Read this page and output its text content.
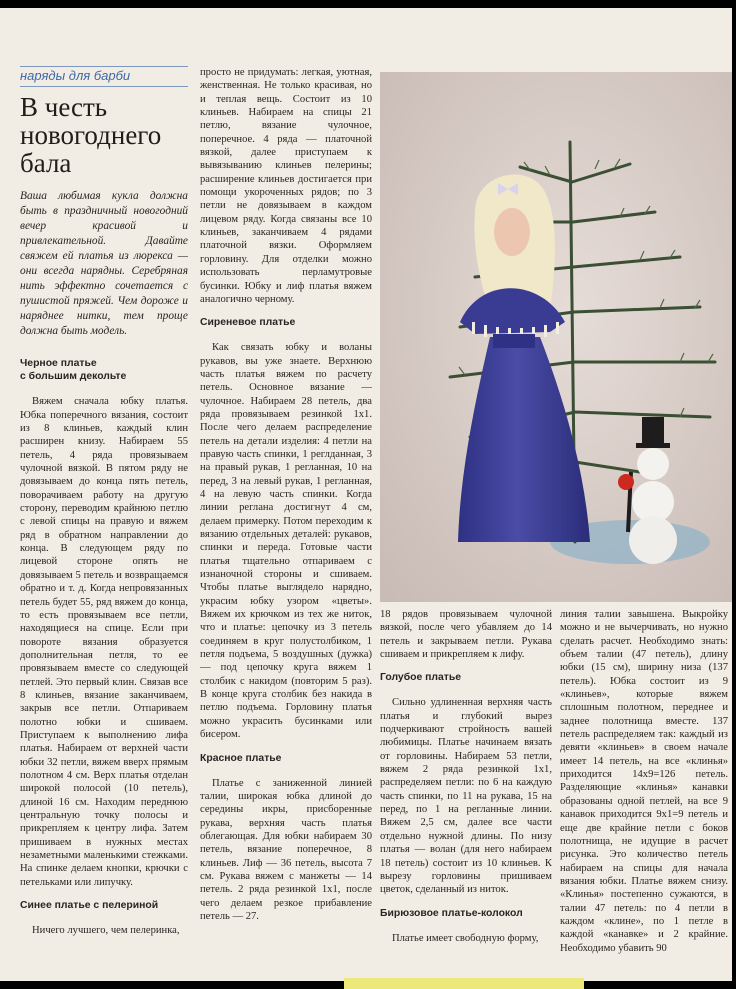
наряды для барби
В честь
новогоднего
бала

Ваша любимая кукла должна быть в праздничный новогодний вечер красивой и привлекательной. Давайте свяжем ей платья из люрекса — они всегда нарядны. Серебряная нить эффектно сочетается с пушистой пряжей. Чем дороже и наряднее нитки, тем проще должна быть модель.

Черное платье
с большим декольте

Вяжем сначала юбку платья. Юбка поперечного вязания, состоит из 8 клиньев, каждый клин расширен книзу. Набираем 55 петель, 4 ряда провязываем чулочной вязкой. В пятом ряду не довязываем до конца пять петель, поворачиваем работу на другую сторону, переводим крайнюю петлю с левой спицы на правую и вяжем ряд в обратном направлении до конца. В следующем ряду по лицевой стороне опять не довязываем 5 петель и возвращаемся обратно и т. д. Когда непровязанных петель будет 55, ряд вяжем до конца, то есть провязываем все петли, находящиеся на спице. Если при повороте вязания образуется дополнительная петля, то ее провязываем вместе со следующей петлей. Это первый клин. Связав все 8 клиньев, вязание заканчиваем, закрыв все петли. Отпариваем полотно юбки и сшиваем. Приступаем к выполнению лифа платья. Набираем от верхней части юбки 32 петли, вяжем вверх прямым полотном 4 см. Верх платья отделан широкой полосой (10 петель), длиной 16 см. Находим переднюю центральную точку полосы и прикрепляем к центру лифа. Затем пришиваем в нужных местах незаметными маленькими стежками. На спинке делаем кнопки, крючки с петельками или липучку.

Синее платье с пелериной

Ничего лучшего, чем пелеринка,

просто не придумать: легкая, уютная, женственная. Не только красивая, но и теплая вещь. Состоит из 10 клиньев. Набираем на спицы 21 петлю, вязание чулочное, поперечное. 4 ряда — платочной вязкой, далее приступаем к вывязыванию клиньев пелерины; расширение клиньев достигается при помощи укороченных рядов; по 3 петли не довязываем в каждом лицевом ряду. Когда связаны все 10 клиньев, заканчиваем 4 рядами платочной вязки. Оформляем горловину. Для отделки можно использовать перламутровые бусинки. Юбку и лиф платья вяжем аналогично черному.

Сиреневое платье

Как связать юбку и воланы рукавов, вы уже знаете. Верхнюю часть платья вяжем по расчету петель. Основное вязание — чулочное. Набираем 28 петель, два ряда провязываем резинкой 1x1. После чего делаем распределение петель на детали изделия: 4 петли на правую часть спинки, 1 реглданная, 3 на правый рукав, 1 регланная, 10 на перед, 3 на левый рукав, 1 регланная, 4 на левую часть спинки. Когда линии реглана достигнут 4 см, делаем примерку. Потом переходим к вязанию отдельных деталей: рукавов, спинки и переда. Готовые части платья тщательно отпариваем с изнаночной стороны и сшиваем. Чтобы платье выглядело нарядно, украсим юбку узором «цветы». Вяжем их крючком из тех же ниток, что и платье: цепочку из 3 петель соединяем в круг полустолбиком, 1 петля подъема, 5 воздушных (дужка) — под цепочку круга вяжем 1 столбик с накидом (повторим 5 раз). В конце круга столбик без накида в петлю подъема. Горловину платья можно украсить бусинками или бисером.

Красное платье

Платье с заниженной линией талии, широкая юбка длиной до середины икры, присборенные рукава, верхняя часть платья облегающая. Для юбки набираем 30 петель, вязание поперечное, 8 клиньев. Лиф — 36 петель, высота 7 см. Рукава вяжем с манжеты — 14 петель. 2 ряда резинкой 1x1, после чего делаем резкое прибавление петель — 27.

18 рядов провязываем чулочной вязкой, после чего убавляем до 14 петель и закрываем петли. Рукава сшиваем и прикрепляем к лифу.

Голубое платье

Сильно удлиненная верхняя часть платья и глубокий вырез подчеркивают стройность вашей любимицы. Платье начинаем вязать от горловины. Набираем 53 петли, вяжем 2 ряда резинкой 1x1, распределяем петли: по 6 на каждую часть спинки, по 11 на рукава, 15 на перед, по 1 на регланные линии. Вяжем 2,5 см, далее все части отдельно нужной длины. По низу платья — волан (для него набираем 18 петель) состоит из 10 клиньев. К вырезу горловины пришиваем цветок, сделанный из ниток.

Бирюзовое платье-колокол

Платье имеет свободную форму,

линия талии завышена. Выкройку можно и не вычерчивать, но нужно сделать расчет. Необходимо знать: объем талии (47 петель), длину юбки (15 см), ширину низа (137 петель). Юбка состоит из 9 «клиньев», которые вяжем сплошным полотном, переднее и заднее полотнища вместе. 137 петель распределяем так: каждый из девяти «клиньев» в своем начале имеет 14 петель, на все «клинья» приходится 14х9=126 петель. Разделяющие «клинья» канавки образованы одной петлей, на все 9 канавок приходится 9х1=9 петель и еще две крайние петли с боков полотнища, не идущие в расчет рисунка. Это количество петель набираем на спицы для начала вязания юбки. Платье вяжем снизу. «Клинья» постепенно сужаются, в талии 47 петель: по 4 петли в каждом «клине», по 1 петле в каждой «канавке» и 2 крайние. Необходимо убавить 90
